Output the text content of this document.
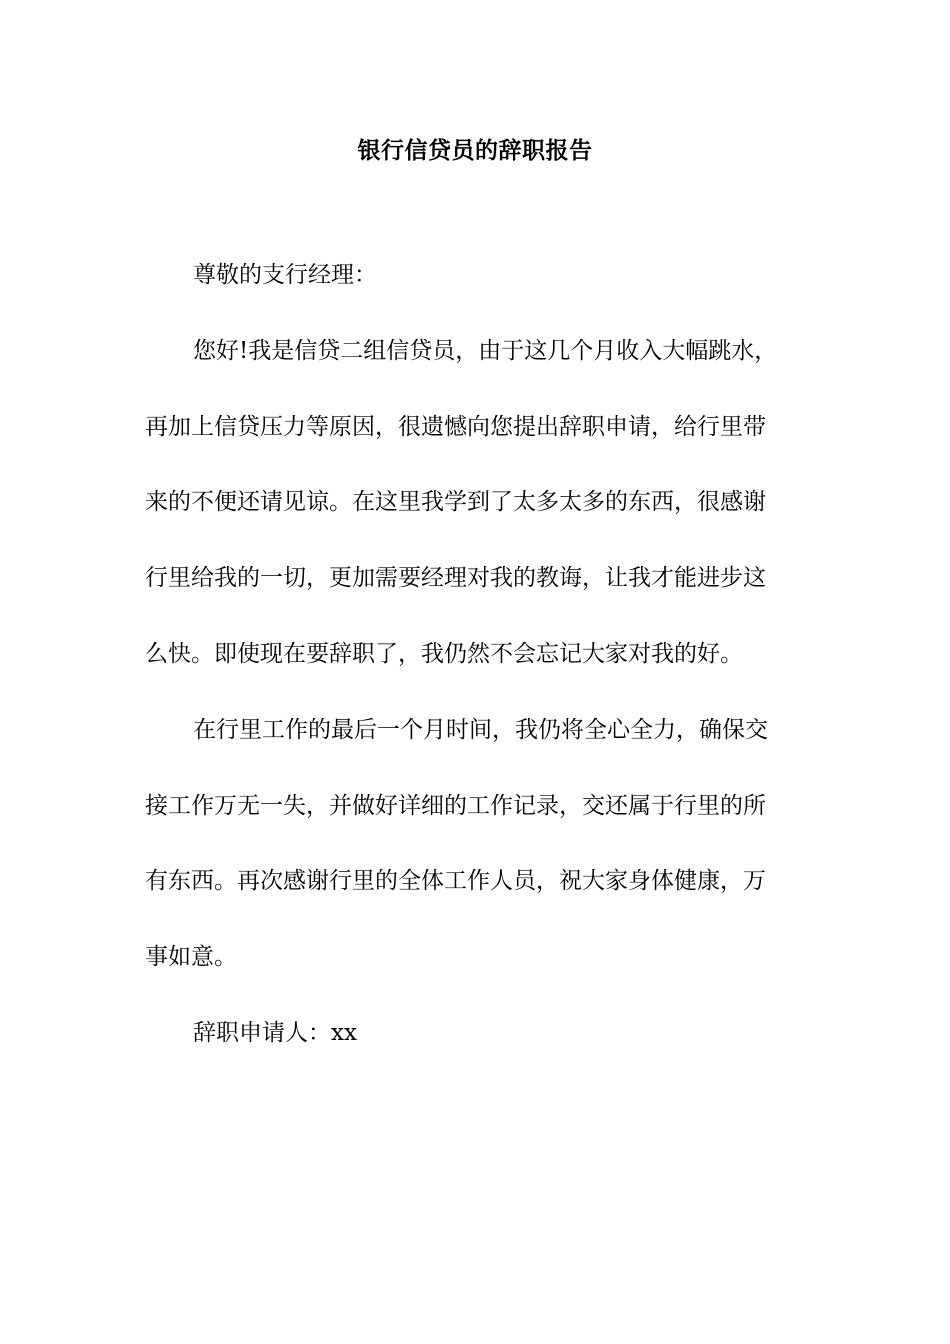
银行信贷员的辞职报告
尊敬的支行经理：
您好!我是信贷二组信贷员，由于这几个月收入大幅跳水，
再加上信贷压力等原因，很遗憾向您提出辞职申请，给行里带
来的不便还请见谅。在这里我学到了太多太多的东西，很感谢
行里给我的一切，更加需要经理对我的教诲，让我才能进步这
么快。即使现在要辞职了，我仍然不会忘记大家对我的好。
在行里工作的最后一个月时间，我仍将全心全力，确保交
接工作万无一失，并做好详细的工作记录，交还属于行里的所
有东西。再次感谢行里的全体工作人员，祝大家身体健康，万
事如意。
辞职申请人：xx
